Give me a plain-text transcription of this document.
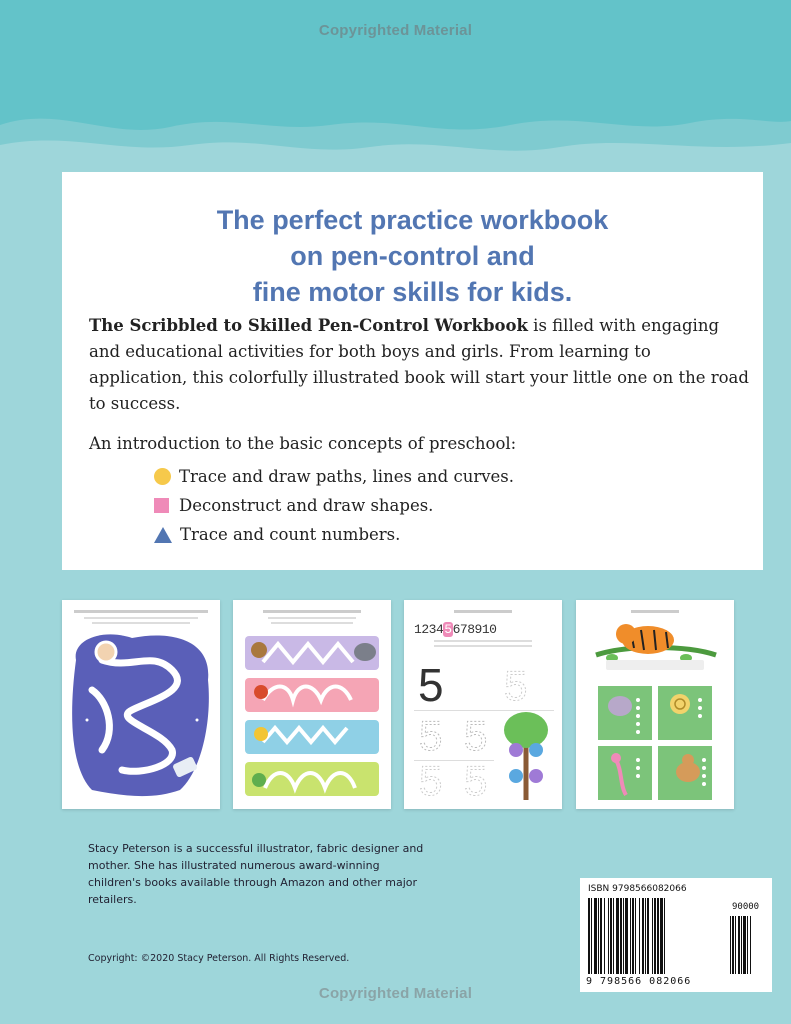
Copyrighted Material
The perfect practice workbook
on pen-control and
fine motor skills for kids.
The Scribbled to Skilled Pen-Control Workbook is filled with engaging and educational activities for both boys and girls. From learning to application, this colorfully illustrated book will start your little one on the road to success.
An introduction to the basic concepts of preschool:
Trace and draw paths, lines and curves.
Deconstruct and draw shapes.
Trace and count numbers.
5
5
5 5
5
12345678910
5
Stacy Peterson is a successful illustrator, fabric designer and mother. She has illustrated numerous award-winning children's books available through Amazon and other major retailers.
Copyright: ©2020 Stacy Peterson. All Rights Reserved.
ISBN 9798566082066
90000
9 798566 082066
Copyrighted Material
